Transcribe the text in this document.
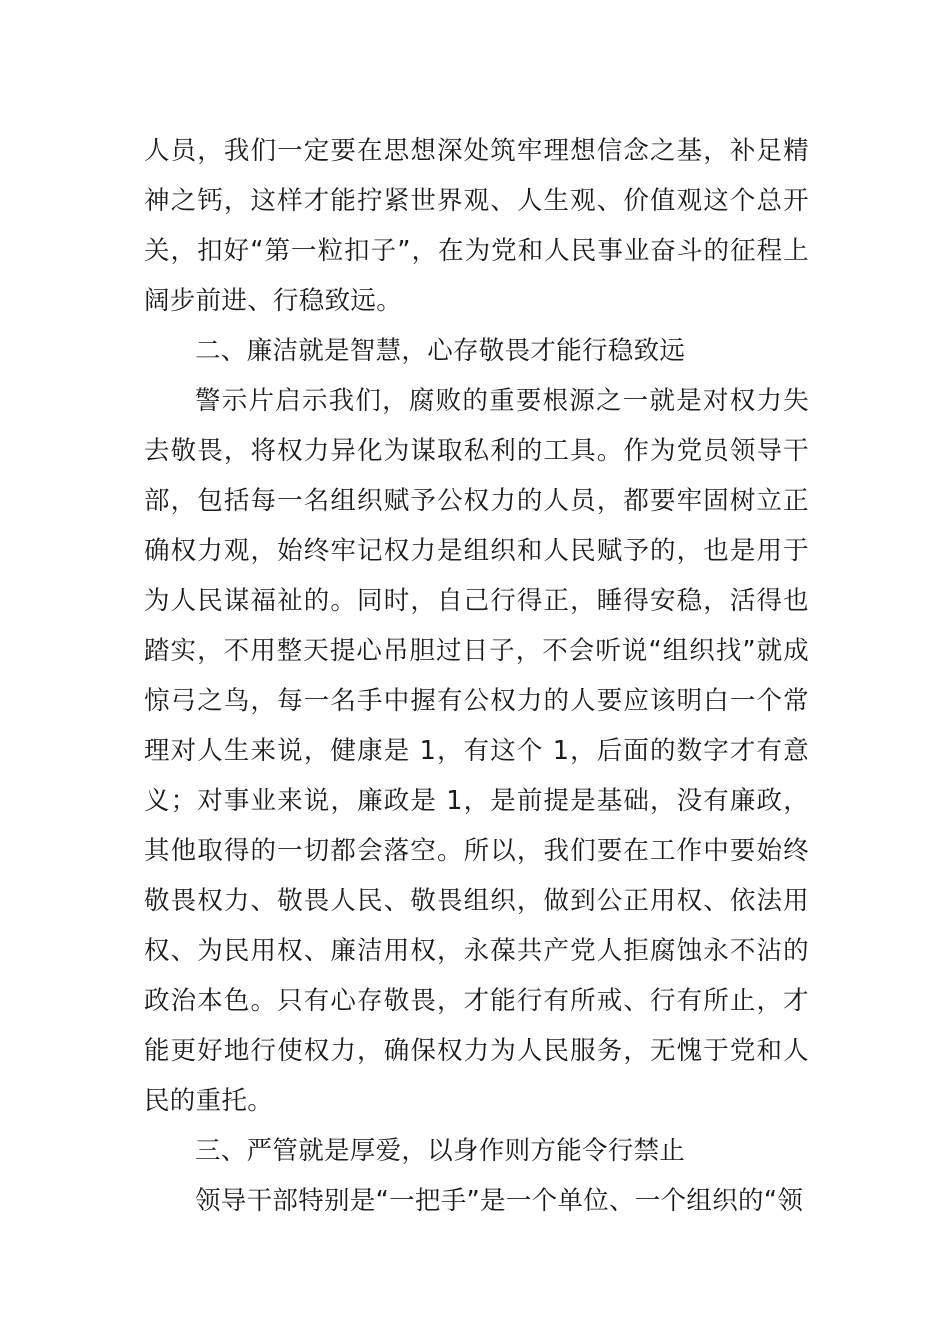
人员，我们一定要在思想深处筑牢理想信念之基，补足精神之钙，这样才能拧紧世界观、人生观、价值观这个总开关，扣好“第一粒扣子”，在为党和人民事业奋斗的征程上阔步前进、行稳致远。

二、廉洁就是智慧，心存敬畏才能行稳致远

警示片启示我们，腐败的重要根源之一就是对权力失去敬畏，将权力异化为谋取私利的工具。作为党员领导干部，包括每一名组织赋予公权力的人员，都要牢固树立正确权力观，始终牢记权力是组织和人民赋予的，也是用于为人民谋福祉的。同时，自己行得正，睡得安稳，活得也踏实，不用整天提心吊胆过日子，不会听说“组织找”就成惊弓之鸟，每一名手中握有公权力的人要应该明白一个常理对人生来说，健康是 1，有这个 1，后面的数字才有意义；对事业来说，廉政是 1，是前提是基础，没有廉政，其他取得的一切都会落空。所以，我们要在工作中要始终敬畏权力、敬畏人民、敬畏组织，做到公正用权、依法用权、为民用权、廉洁用权，永葆共产党人拒腐蚀永不沾的政治本色。只有心存敬畏，才能行有所戒、行有所止，才能更好地行使权力，确保权力为人民服务，无愧于党和人民的重托。

三、严管就是厚爱，以身作则方能令行禁止

领导干部特别是“一把手”是一个单位、一个组织的“领
